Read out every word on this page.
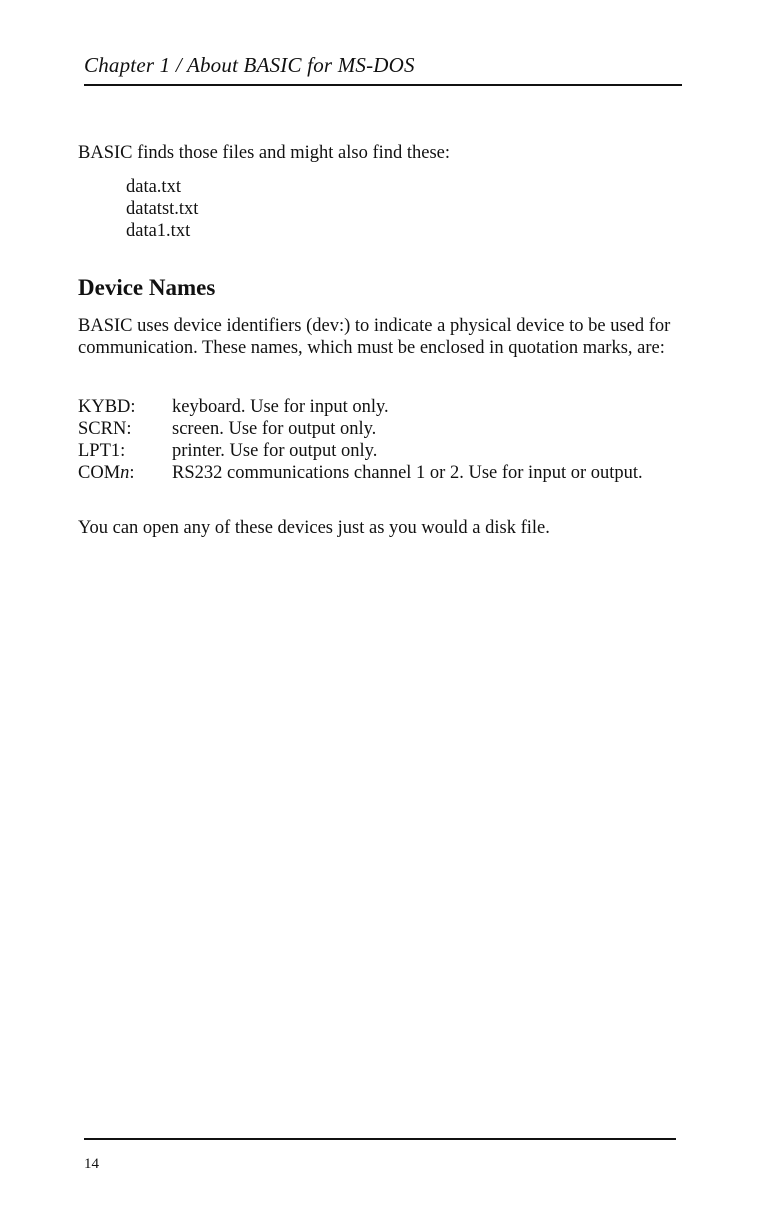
Chapter 1 / About BASIC for MS-DOS

BASIC finds those files and might also find these:

data.txt
datatst.txt
data1.txt
Device Names

BASIC uses device identifiers (dev:) to indicate a physical device to be used for communication. These names, which must be enclosed in quotation marks, are:

KYBD:	keyboard. Use for input only.
SCRN:	screen. Use for output only.
LPT1:	printer. Use for output only.
COMn:	RS232 communications channel 1 or 2. Use for input or output.

You can open any of these devices just as you would a disk file.

14
